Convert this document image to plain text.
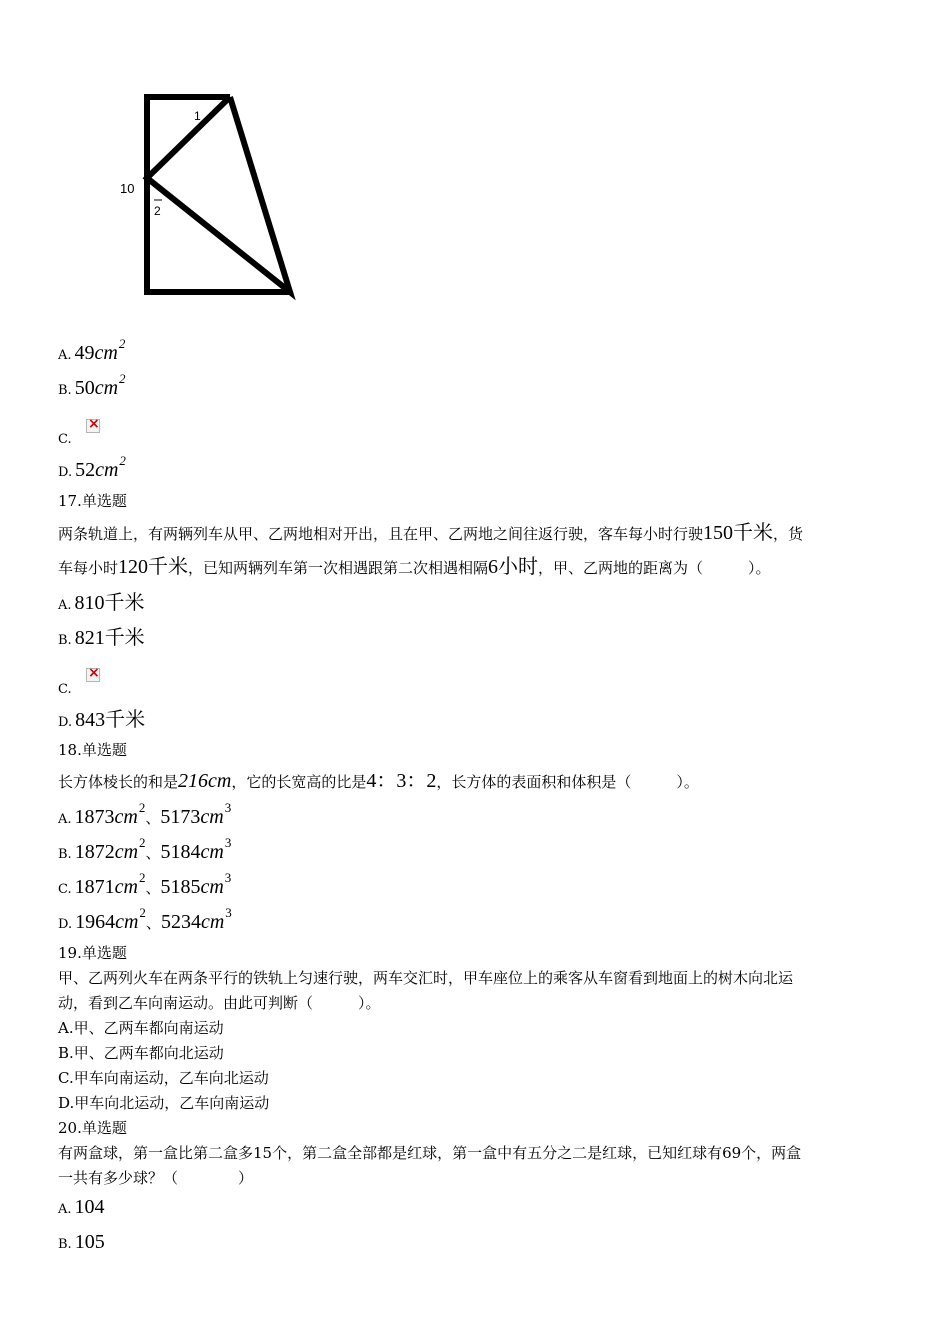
1
10
2
A. 49 cm 2
B. 50 cm 2
C.
×
D. 52 cm 2
17.单选题
两条轨道上，有两辆列车从甲、乙两地相对开出，且在甲、乙两地之间往返行驶，客车每小时行驶 150千米 ，货
车每小时 120千米 ，已知两辆列车第一次相遇跟第二次相遇相隔 6小时 ，甲、乙两地的距离为（　　　）。
A. 810千米
B. 821千米
C.
×
D. 843千米
18.单选题
长方体棱长的和是 216cm ，它的长宽高的比是 4：3：2 ，长方体的表面积和体积是（　　　）。
A. 1873 cm 2
、 5173 cm 3
B. 1872 cm 2
、 5184 cm 3
C. 1871 cm 2
、 5185 cm 3
D. 1964 cm 2
、 5234 cm 3
19.单选题
甲、乙两列火车在两条平行的铁轨上匀速行驶，两车交汇时，甲车座位上的乘客从车窗看到地面上的树木向北运
动，看到乙车向南运动。由此可判断（　　　）。
A.甲、乙两车都向南运动
B.甲、乙两车都向北运动
C.甲车向南运动，乙车向北运动
D.甲车向北运动，乙车向南运动
20.单选题
有两盒球，第一盒比第二盒多15个，第二盒全部都是红球，第一盒中有五分之二是红球，已知红球有69个，两盒
一共有多少球？（　　　　）
A. 104
B. 105
